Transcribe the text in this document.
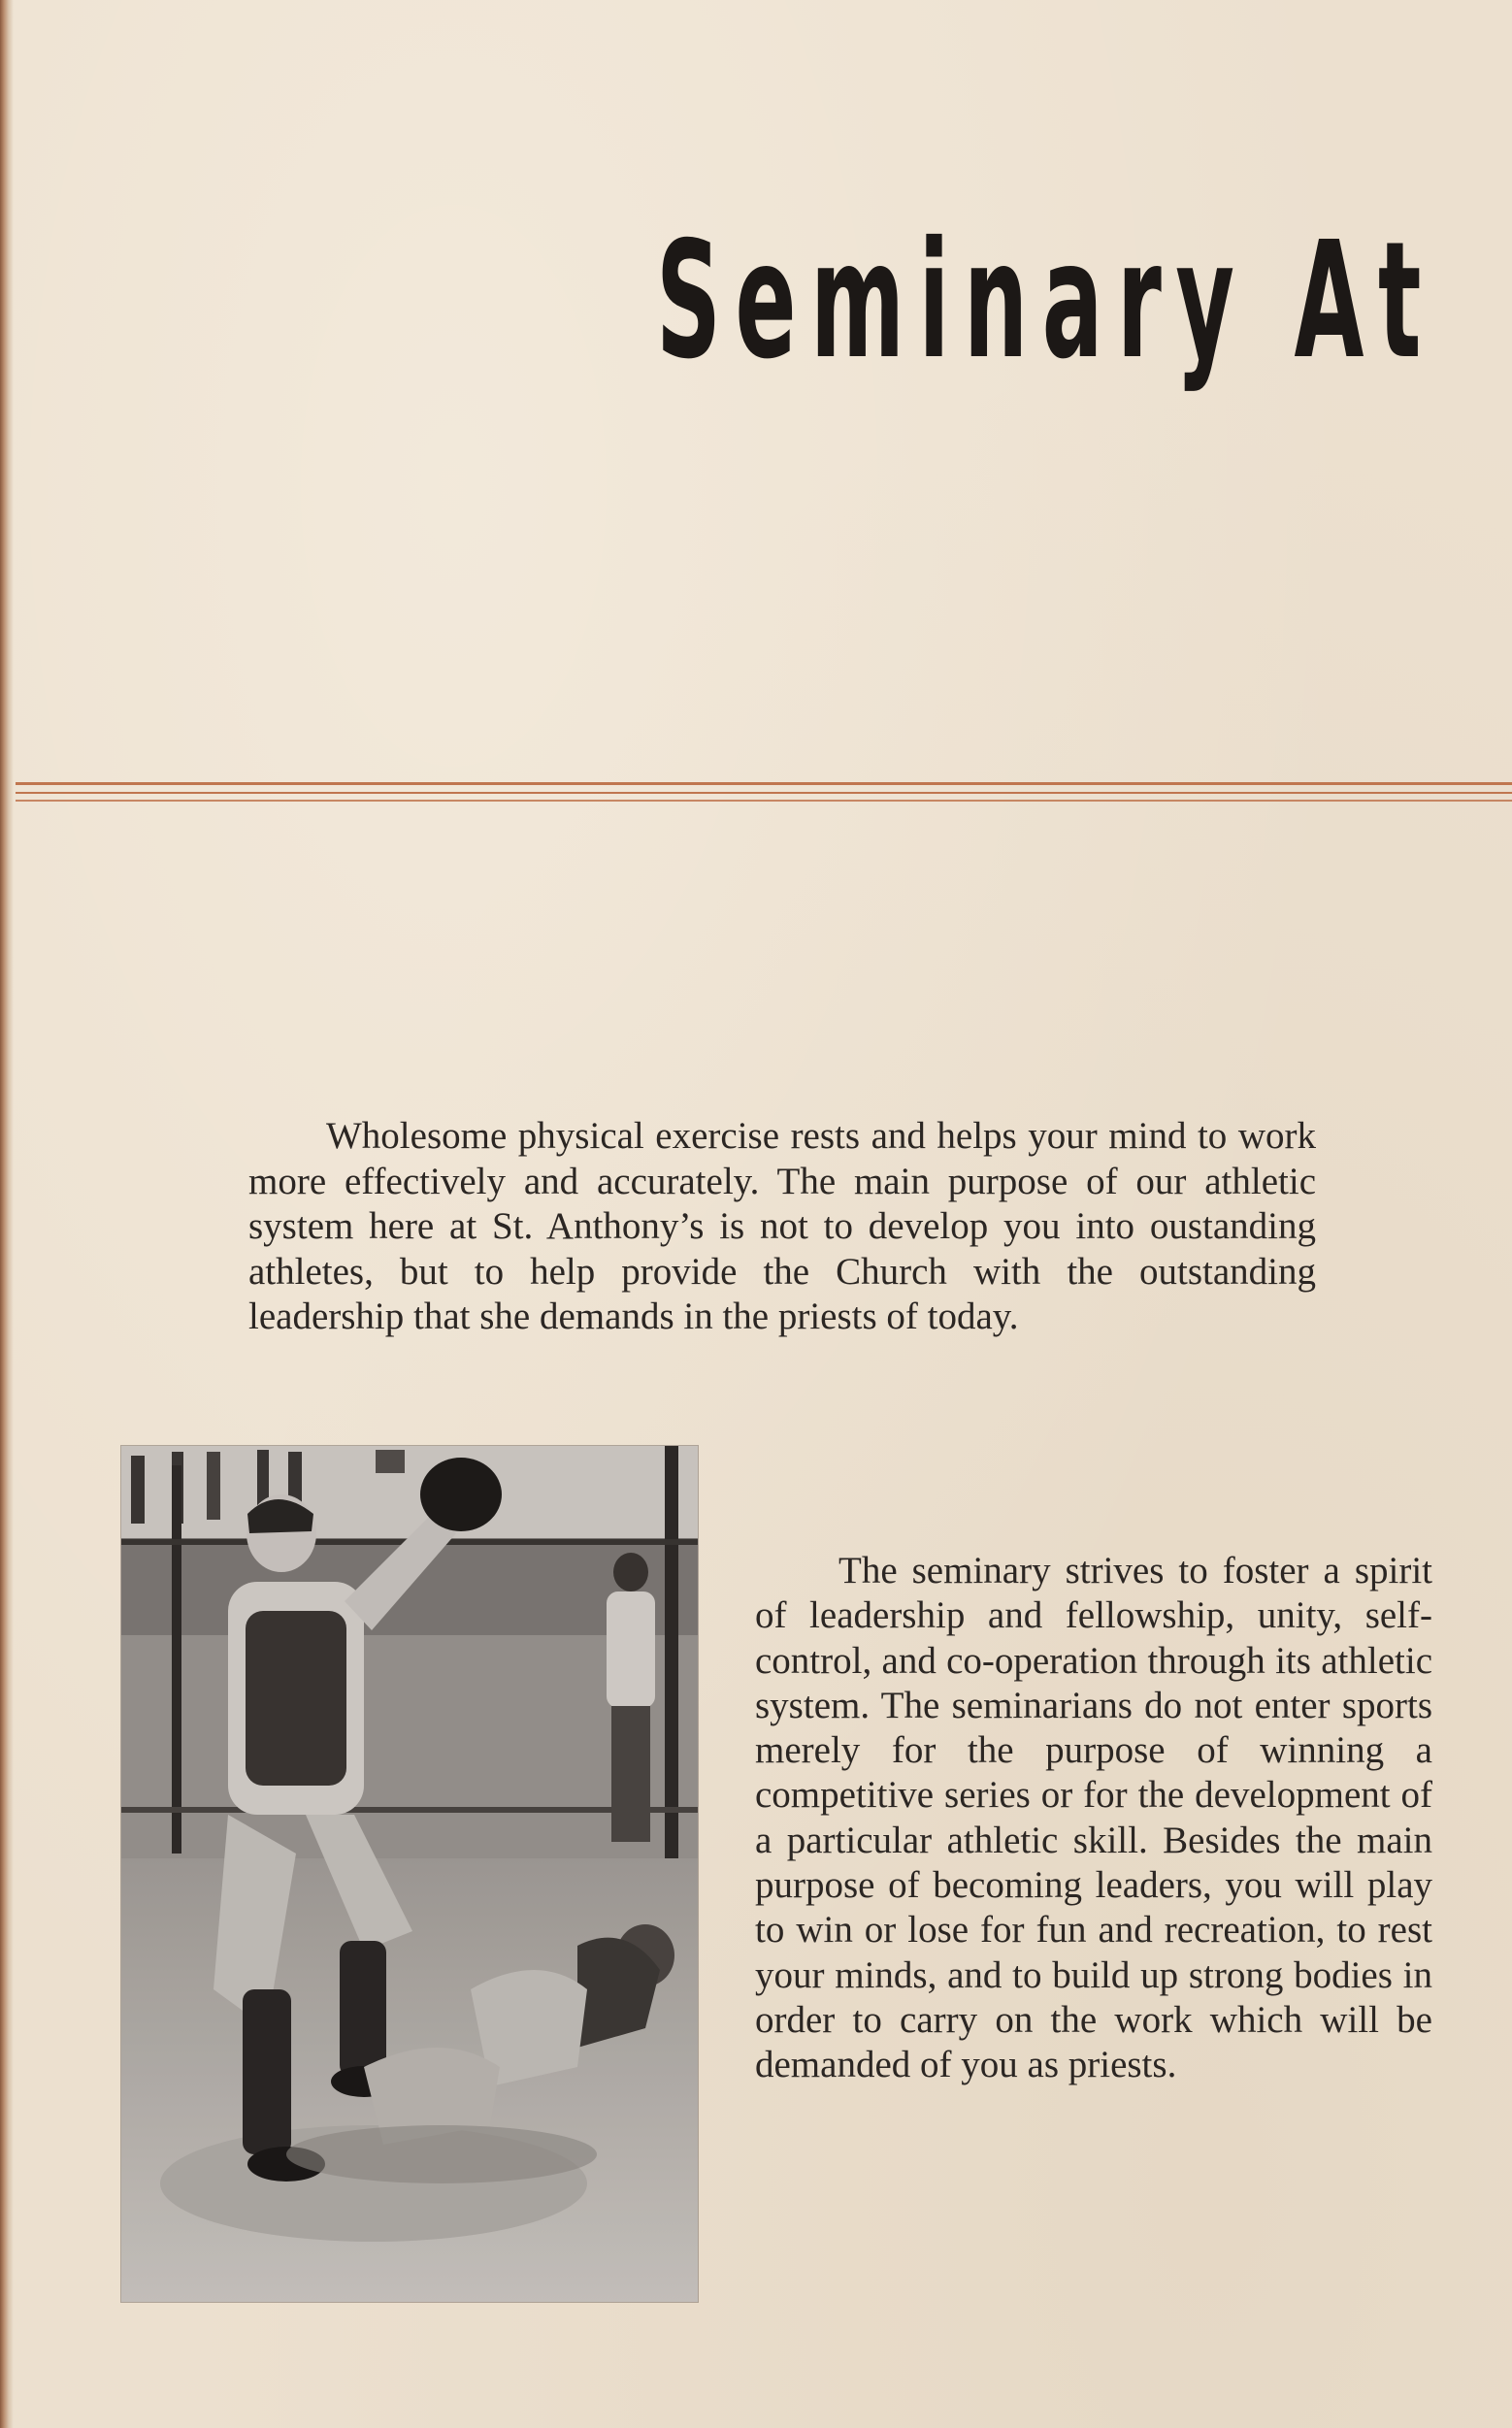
Seminary At

Wholesome physical exercise rests and helps your mind to work more effectively and accurately. The main purpose of our athletic system here at St. Anthony’s is not to develop you into oustanding athletes, but to help provide the Church with the outstanding leadership that she demands in the priests of today.

The seminary strives to foster a spirit of leadership and fellowship, unity, self-control, and co-operation through its athletic system. The seminarians do not enter sports merely for the purpose of winning a competitive series or for the development of a particular athletic skill. Besides the main purpose of becoming leaders, you will play to win or lose for fun and recreation, to rest your minds, and to build up strong bodies in order to carry on the work which will be demanded of you as priests.
